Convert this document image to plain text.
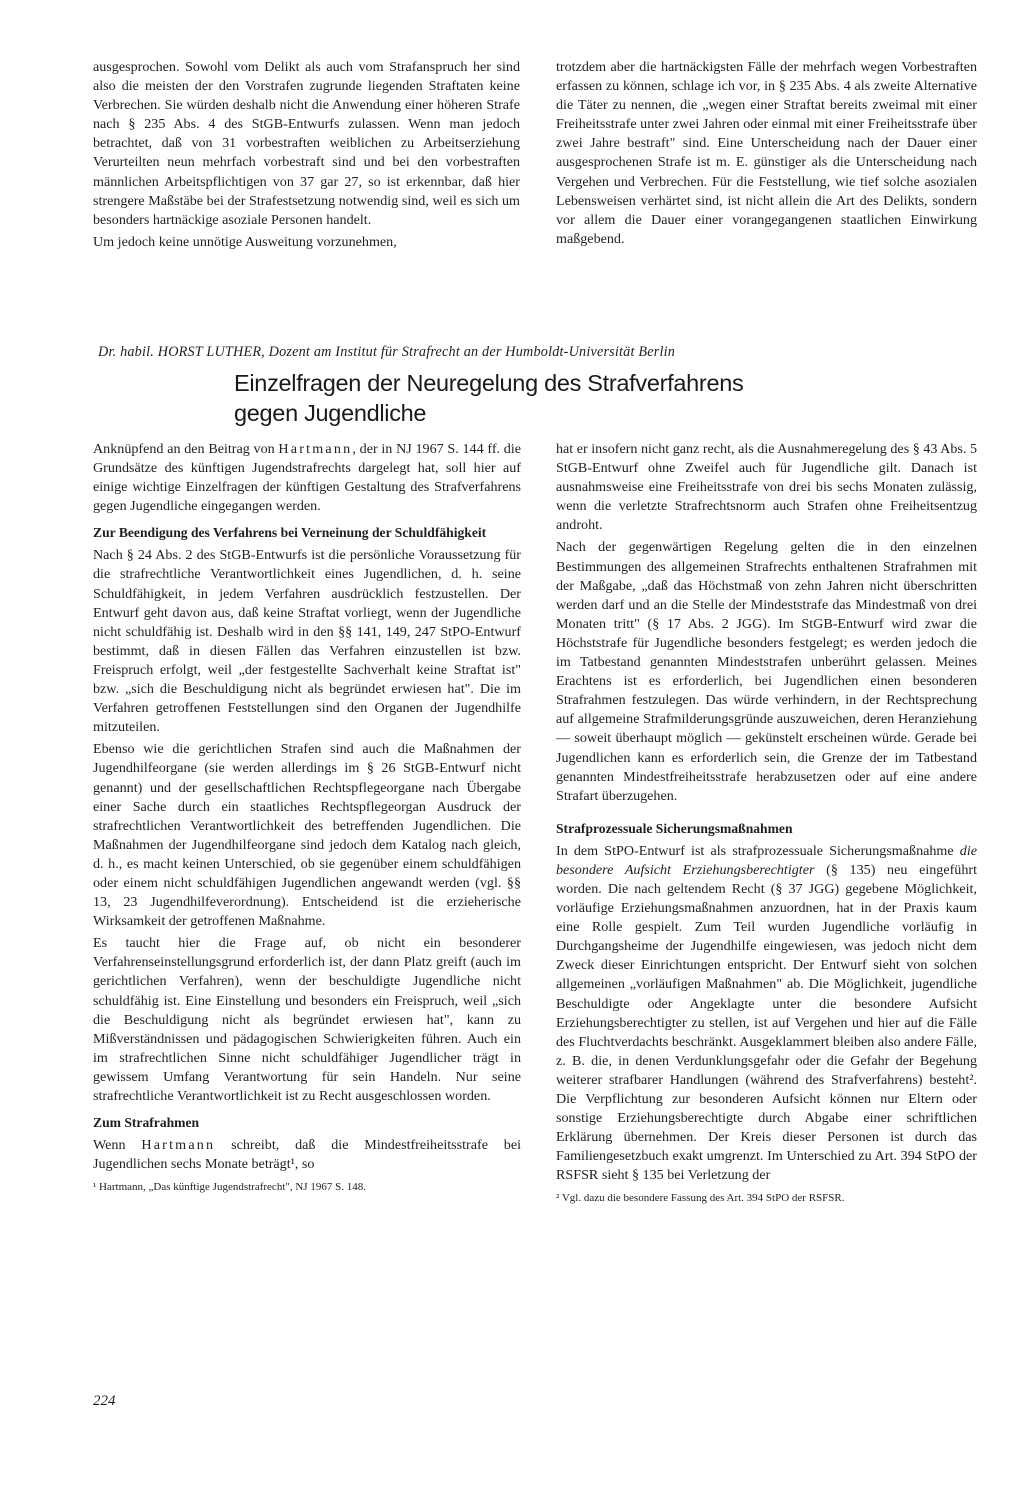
ausgesprochen. Sowohl vom Delikt als auch vom Strafanspruch her sind also die meisten der den Vorstrafen zugrunde liegenden Straftaten keine Verbrechen. Sie würden deshalb nicht die Anwendung einer höheren Strafe nach § 235 Abs. 4 des StGB-Entwurfs zulassen. Wenn man jedoch betrachtet, daß von 31 vorbestraften weiblichen zu Arbeitserziehung Verurteilten neun mehrfach vorbestraft sind und bei den vorbestraften männlichen Arbeitspflichtigen von 37 gar 27, so ist erkennbar, daß hier strengere Maßstäbe bei der Strafestsetzung notwendig sind, weil es sich um besonders hartnäckige asoziale Personen handelt.

Um jedoch keine unnötige Ausweitung vorzunehmen,

trotzdem aber die hartnäckigsten Fälle der mehrfach wegen Vorbestraften erfassen zu können, schlage ich vor, in § 235 Abs. 4 als zweite Alternative die Täter zu nennen, die „wegen einer Straftat bereits zweimal mit einer Freiheitsstrafe unter zwei Jahren oder einmal mit einer Freiheitsstrafe über zwei Jahre bestraft" sind. Eine Unterscheidung nach der Dauer einer ausgesprochenen Strafe ist m. E. günstiger als die Unterscheidung nach Vergehen und Verbrechen. Für die Feststellung, wie tief solche asozialen Lebensweisen verhärtet sind, ist nicht allein die Art des Delikts, sondern vor allem die Dauer einer vorangegangenen staatlichen Einwirkung maßgebend.

Dr. habil. HORST LUTHER, Dozent am Institut für Strafrecht an der Humboldt-Universität Berlin
Einzelfragen der Neuregelung des Strafverfahrens
gegen Jugendliche

Anknüpfend an den Beitrag von Hartmann, der in NJ 1967 S. 144 ff. die Grundsätze des künftigen Jugendstrafrechts dargelegt hat, soll hier auf einige wichtige Einzelfragen der künftigen Gestaltung des Strafverfahrens gegen Jugendliche eingegangen werden.

Zur Beendigung des Verfahrens bei Verneinung der Schuldfähigkeit

Nach § 24 Abs. 2 des StGB-Entwurfs ist die persönliche Voraussetzung für die strafrechtliche Verantwortlichkeit eines Jugendlichen, d. h. seine Schuldfähigkeit, in jedem Verfahren ausdrücklich festzustellen. Der Entwurf geht davon aus, daß keine Straftat vorliegt, wenn der Jugendliche nicht schuldfähig ist. Deshalb wird in den §§ 141, 149, 247 StPO-Entwurf bestimmt, daß in diesen Fällen das Verfahren einzustellen ist bzw. Freispruch erfolgt, weil „der festgestellte Sachverhalt keine Straftat ist" bzw. „sich die Beschuldigung nicht als begründet erwiesen hat". Die im Verfahren getroffenen Feststellungen sind den Organen der Jugendhilfe mitzuteilen.

Ebenso wie die gerichtlichen Strafen sind auch die Maßnahmen der Jugendhilfeorgane (sie werden allerdings im § 26 StGB-Entwurf nicht genannt) und der gesellschaftlichen Rechtspflegeorgane nach Übergabe einer Sache durch ein staatliches Rechtspflegeorgan Ausdruck der strafrechtlichen Verantwortlichkeit des betreffenden Jugendlichen. Die Maßnahmen der Jugendhilfeorgane sind jedoch dem Katalog nach gleich, d. h., es macht keinen Unterschied, ob sie gegenüber einem schuldfähigen oder einem nicht schuldfähigen Jugendlichen angewandt werden (vgl. §§ 13, 23 Jugendhilfeverordnung). Entscheidend ist die erzieherische Wirksamkeit der getroffenen Maßnahme.

Es taucht hier die Frage auf, ob nicht ein besonderer Verfahrenseinstellungsgrund erforderlich ist, der dann Platz greift (auch im gerichtlichen Verfahren), wenn der beschuldigte Jugendliche nicht schuldfähig ist. Eine Einstellung und besonders ein Freispruch, weil „sich die Beschuldigung nicht als begründet erwiesen hat", kann zu Mißverständnissen und pädagogischen Schwierigkeiten führen. Auch ein im strafrechtlichen Sinne nicht schuldfähiger Jugendlicher trägt in gewissem Umfang Verantwortung für sein Handeln. Nur seine strafrechtliche Verantwortlichkeit ist zu Recht ausgeschlossen worden.

Zum Strafrahmen

Wenn Hartmann schreibt, daß die Mindestfreiheitsstrafe bei Jugendlichen sechs Monate beträgt¹, so

¹ Hartmann, „Das künftige Jugendstrafrecht", NJ 1967 S. 148.

hat er insofern nicht ganz recht, als die Ausnahmeregelung des § 43 Abs. 5 StGB-Entwurf ohne Zweifel auch für Jugendliche gilt. Danach ist ausnahmsweise eine Freiheitsstrafe von drei bis sechs Monaten zulässig, wenn die verletzte Strafrechtsnorm auch Strafen ohne Freiheitsentzug androht.

Nach der gegenwärtigen Regelung gelten die in den einzelnen Bestimmungen des allgemeinen Strafrechts enthaltenen Strafrahmen mit der Maßgabe, „daß das Höchstmaß von zehn Jahren nicht überschritten werden darf und an die Stelle der Mindeststrafe das Mindestmaß von drei Monaten tritt" (§ 17 Abs. 2 JGG). Im StGB-Entwurf wird zwar die Höchststrafe für Jugendliche besonders festgelegt; es werden jedoch die im Tatbestand genannten Mindeststrafen unberührt gelassen. Meines Erachtens ist es erforderlich, bei Jugendlichen einen besonderen Strafrahmen festzulegen. Das würde verhindern, in der Rechtsprechung auf allgemeine Strafmilderungsgründe auszuweichen, deren Heranziehung — soweit überhaupt möglich — gekünstelt erscheinen würde. Gerade bei Jugendlichen kann es erforderlich sein, die Grenze der im Tatbestand genannten Mindestfreiheitsstrafe herabzusetzen oder auf eine andere Strafart überzugehen.

Strafprozessuale Sicherungsmaßnahmen

In dem StPO-Entwurf ist als strafprozessuale Sicherungsmaßnahme die besondere Aufsicht Erziehungsberechtigter (§ 135) neu eingeführt worden. Die nach geltendem Recht (§ 37 JGG) gegebene Möglichkeit, vorläufige Erziehungsmaßnahmen anzuordnen, hat in der Praxis kaum eine Rolle gespielt. Zum Teil wurden Jugendliche vorläufig in Durchgangsheime der Jugendhilfe eingewiesen, was jedoch nicht dem Zweck dieser Einrichtungen entspricht. Der Entwurf sieht von solchen allgemeinen „vorläufigen Maßnahmen" ab. Die Möglichkeit, jugendliche Beschuldigte oder Angeklagte unter die besondere Aufsicht Erziehungsberechtigter zu stellen, ist auf Vergehen und hier auf die Fälle des Fluchtverdachts beschränkt. Ausgeklammert bleiben also andere Fälle, z. B. die, in denen Verdunklungsgefahr oder die Gefahr der Begehung weiterer strafbarer Handlungen (während des Strafverfahrens) besteht². Die Verpflichtung zur besonderen Aufsicht können nur Eltern oder sonstige Erziehungsberechtigte durch Abgabe einer schriftlichen Erklärung übernehmen. Der Kreis dieser Personen ist durch das Familiengesetzbuch exakt umgrenzt. Im Unterschied zu Art. 394 StPO der RSFSR sieht § 135 bei Verletzung der

² Vgl. dazu die besondere Fassung des Art. 394 StPO der RSFSR.

224
